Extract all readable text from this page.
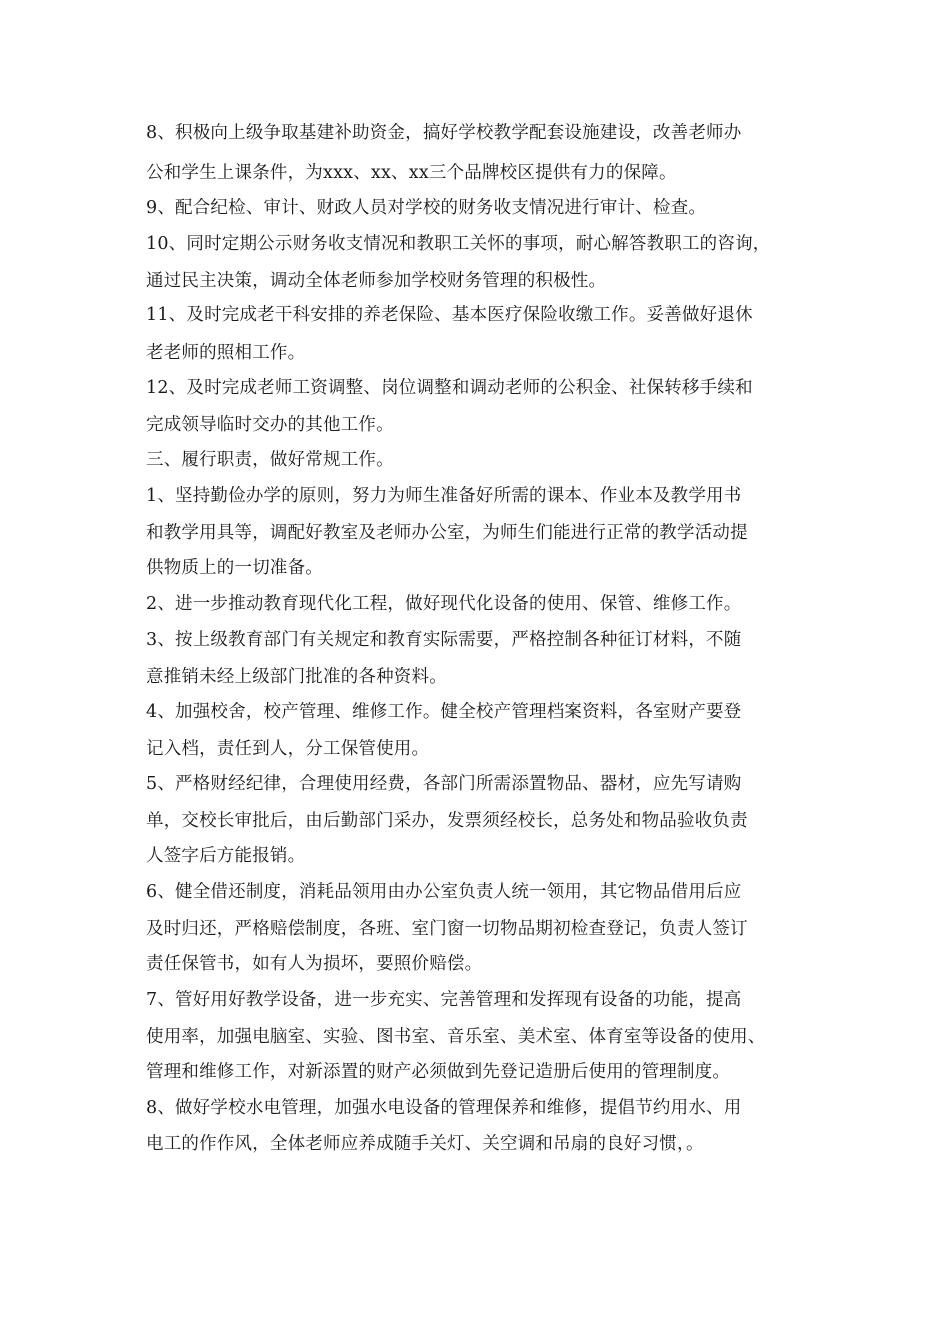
8、积极向上级争取基建补助资金，搞好学校教学配套设施建设，改善老师办
公和学生上课条件，为xxx、xx、xx三个品牌校区提供有力的保障。
9、配合纪检、审计、财政人员对学校的财务收支情况进行审计、检查。
10、同时定期公示财务收支情况和教职工关怀的事项，耐心解答教职工的咨询，
通过民主决策，调动全体老师参加学校财务管理的积极性。
11、及时完成老干科安排的养老保险、基本医疗保险收缴工作。妥善做好退休
老老师的照相工作。
12、及时完成老师工资调整、岗位调整和调动老师的公积金、社保转移手续和
完成领导临时交办的其他工作。
三、履行职责，做好常规工作。
1、坚持勤俭办学的原则，努力为师生准备好所需的课本、作业本及教学用书
和教学用具等，调配好教室及老师办公室，为师生们能进行正常的教学活动提
供物质上的一切准备。
2、进一步推动教育现代化工程，做好现代化设备的使用、保管、维修工作。
3、按上级教育部门有关规定和教育实际需要，严格控制各种征订材料，不随
意推销未经上级部门批准的各种资料。
4、加强校舍，校产管理、维修工作。健全校产管理档案资料，各室财产要登
记入档，责任到人，分工保管使用。
5、严格财经纪律，合理使用经费，各部门所需添置物品、器材，应先写请购
单，交校长审批后，由后勤部门采办，发票须经校长，总务处和物品验收负责
人签字后方能报销。
6、健全借还制度，消耗品领用由办公室负责人统一领用，其它物品借用后应
及时归还，严格赔偿制度，各班、室门窗一切物品期初检查登记，负责人签订
责任保管书，如有人为损坏，要照价赔偿。
7、管好用好教学设备，进一步充实、完善管理和发挥现有设备的功能，提高
使用率，加强电脑室、实验、图书室、音乐室、美术室、体育室等设备的使用、
管理和维修工作，对新添置的财产必须做到先登记造册后使用的管理制度。
8、做好学校水电管理，加强水电设备的管理保养和维修，提倡节约用水、用
电工的作作风，全体老师应养成随手关灯、关空调和吊扇的良好习惯，。
